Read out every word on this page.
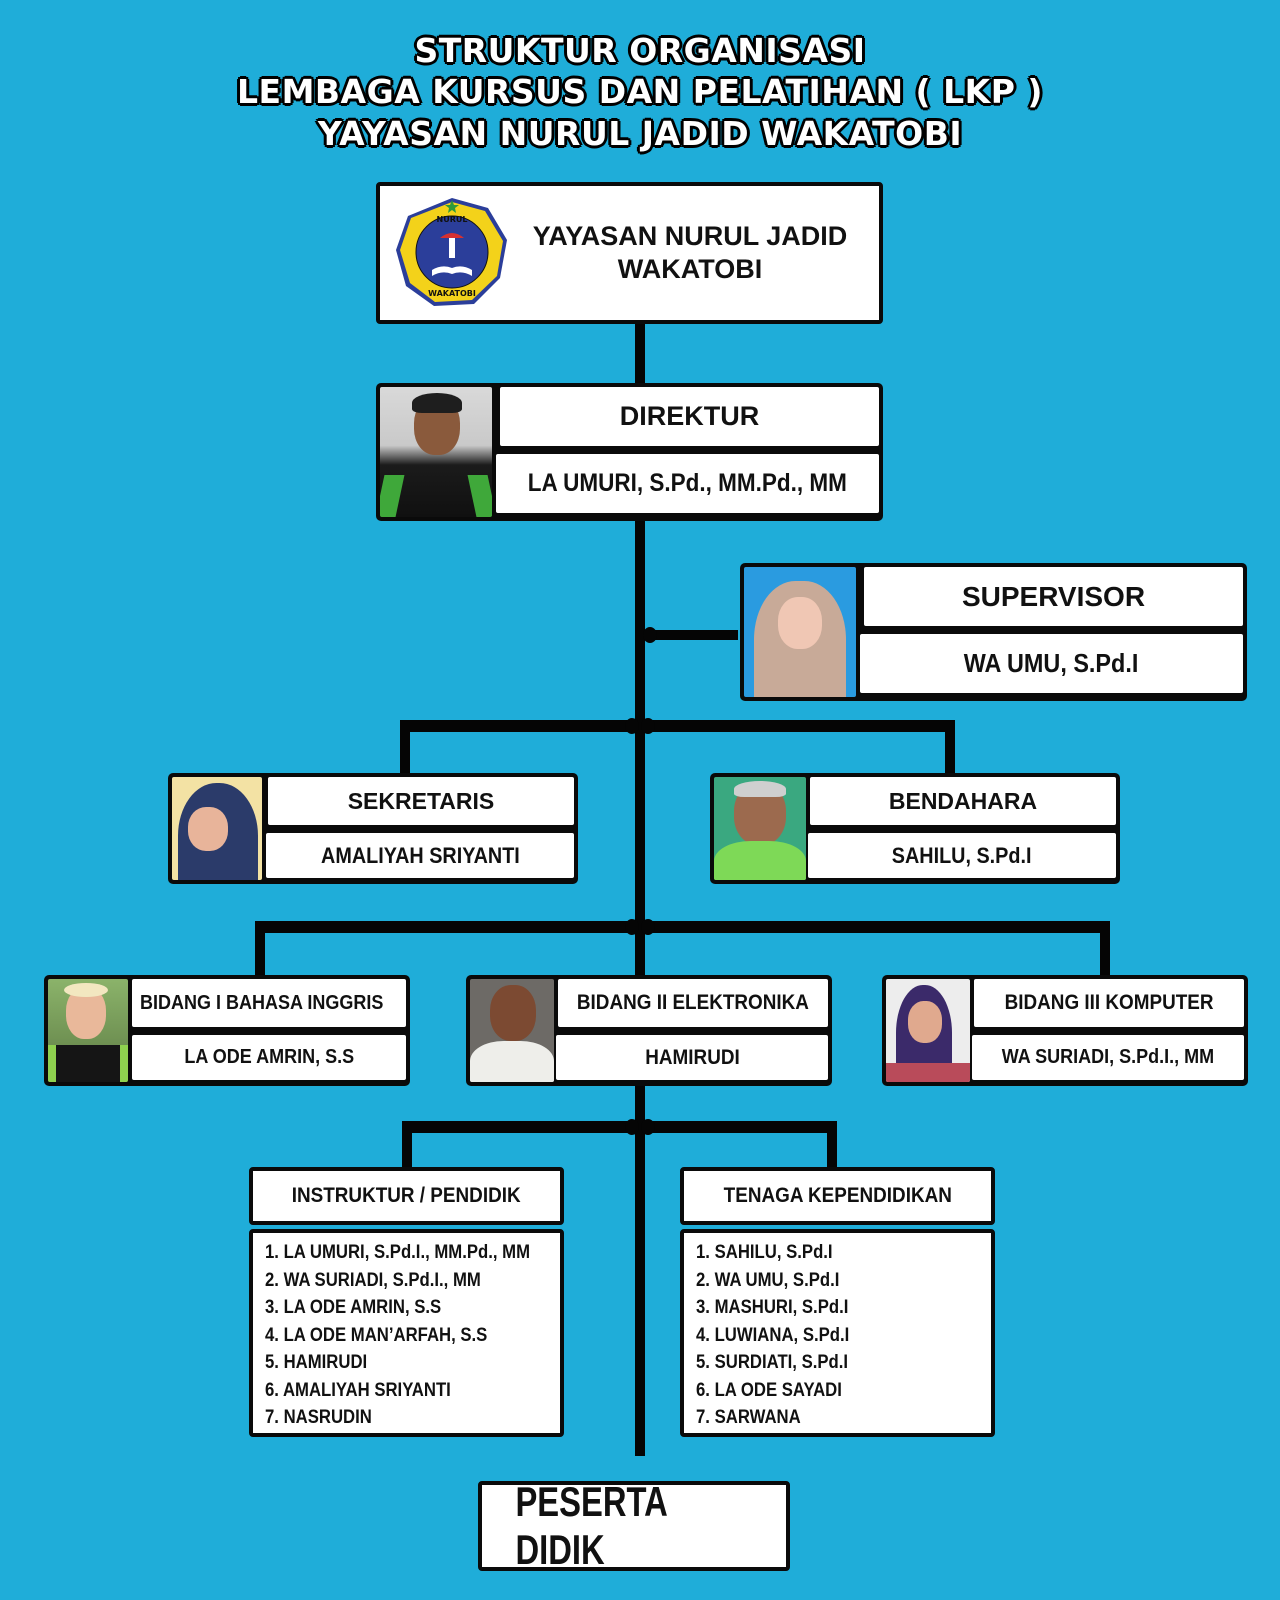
STRUKTUR ORGANISASI
LEMBAGA KURSUS DAN PELATIHAN ( LKP )
YAYASAN NURUL JADID WAKATOBI
NURUL
WAKATOBI
YAYASAN NURUL JADID
WAKATOBI
DIREKTUR
LA UMURI, S.Pd., MM.Pd., MM
SUPERVISOR
WA UMU, S.Pd.I
SEKRETARIS
AMALIYAH SRIYANTI
BENDAHARA
SAHILU, S.Pd.I
BIDANG I BAHASA INGGRIS
LA ODE AMRIN, S.S
BIDANG II ELEKTRONIKA
HAMIRUDI
BIDANG III KOMPUTER
WA SURIADI, S.Pd.I., MM
INSTRUKTUR / PENDIDIK
1. LA UMURI, S.Pd.I., MM.Pd., MM
2. WA SURIADI, S.Pd.I., MM
3. LA ODE AMRIN, S.S
4. LA ODE MAN’ARFAH, S.S
5. HAMIRUDI
6. AMALIYAH SRIYANTI
7. NASRUDIN
TENAGA KEPENDIDIKAN
1. SAHILU, S.Pd.I
2. WA UMU, S.Pd.I
3. MASHURI, S.Pd.I
4. LUWIANA, S.Pd.I
5. SURDIATI, S.Pd.I
6. LA ODE SAYADI
7. SARWANA
PESERTA DIDIK
